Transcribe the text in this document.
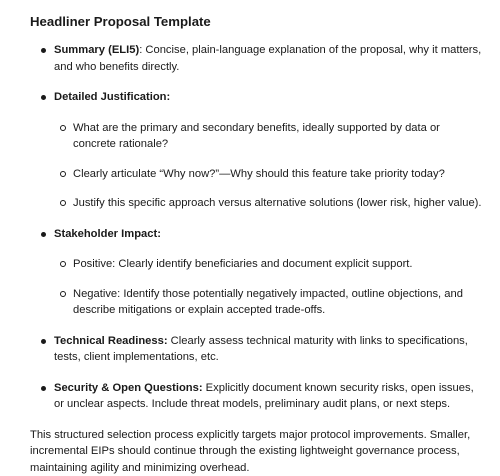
Headliner Proposal Template
Summary (ELI5): Concise, plain-language explanation of the proposal, why it matters, and who benefits directly.
Detailed Justification:
What are the primary and secondary benefits, ideally supported by data or concrete rationale?
Clearly articulate “Why now?”—Why should this feature take priority today?
Justify this specific approach versus alternative solutions (lower risk, higher value).
Stakeholder Impact:
Positive: Clearly identify beneficiaries and document explicit support.
Negative: Identify those potentially negatively impacted, outline objections, and describe mitigations or explain accepted trade-offs.
Technical Readiness: Clearly assess technical maturity with links to specifications, tests, client implementations, etc.
Security & Open Questions: Explicitly document known security risks, open issues, or unclear aspects. Include threat models, preliminary audit plans, or next steps.

This structured selection process explicitly targets major protocol improvements. Smaller, incremental EIPs should continue through the existing lightweight governance process, maintaining agility and minimizing overhead.
